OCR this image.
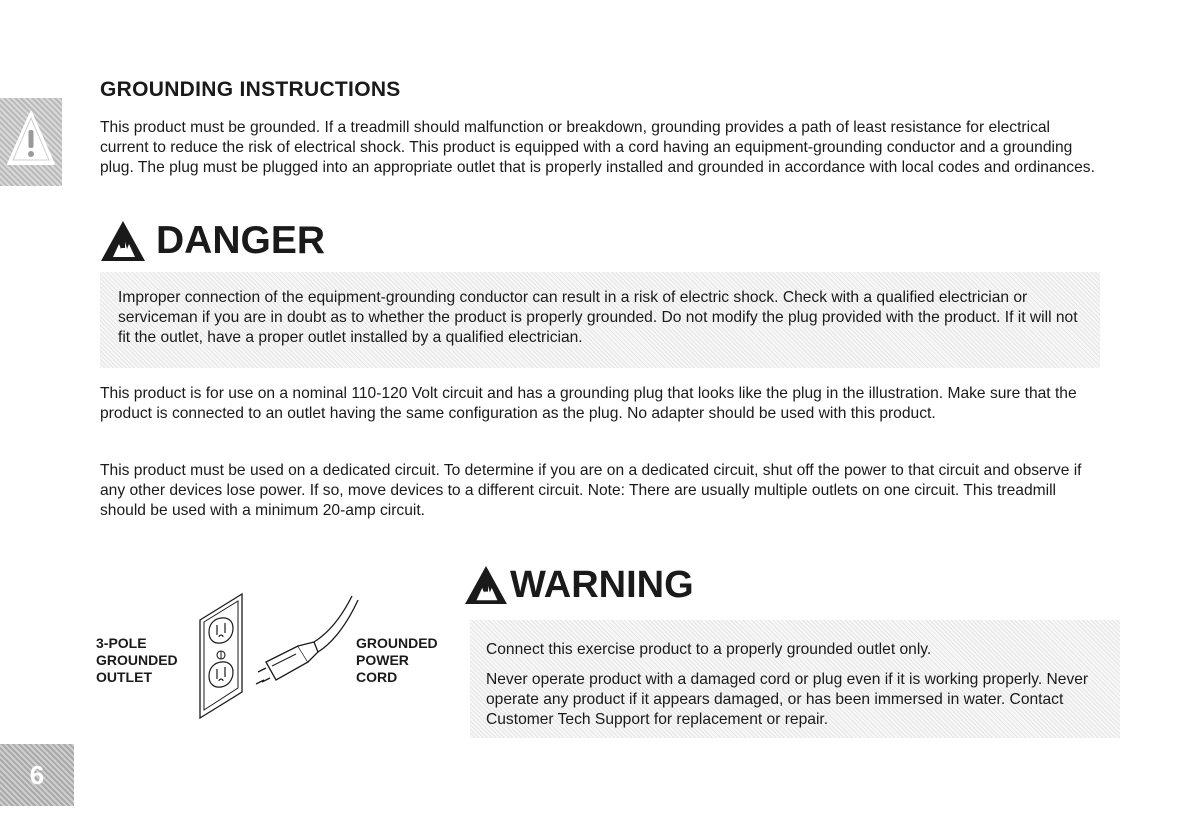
GROUNDING INSTRUCTIONS

This product must be grounded. If a treadmill should malfunction or breakdown, grounding provides a path of least resistance for electrical current to reduce the risk of electrical shock. This product is equipped with a cord having an equipment-grounding conductor and a grounding plug. The plug must be plugged into an appropriate outlet that is properly installed and grounded in accordance with local codes and ordinances.

DANGER
Improper connection of the equipment-grounding conductor can result in a risk of electric shock. Check with a qualified electrician or serviceman if you are in doubt as to whether the product is properly grounded. Do not modify the plug provided with the product. If it will not fit the outlet, have a proper outlet installed by a qualified electrician.

This product is for use on a nominal 110-120 Volt circuit and has a grounding plug that looks like the plug in the illustration. Make sure that the product is connected to an outlet having the same configuration as the plug. No adapter should be used with this product.

This product must be used on a dedicated circuit. To determine if you are on a dedicated circuit, shut off the power to that circuit and observe if any other devices lose power. If so, move devices to a different circuit. Note: There are usually multiple outlets on one circuit. This treadmill should be used with a minimum 20-amp circuit.

WARNING

Connect this exercise product to a properly grounded outlet only.

Never operate product with a damaged cord or plug even if it is working properly. Never operate any product if it appears damaged, or has been immersed in water. Contact Customer Tech Support for replacement or repair.

3-POLE
GROUNDED
OUTLET
GROUNDED
POWER
CORD
6
